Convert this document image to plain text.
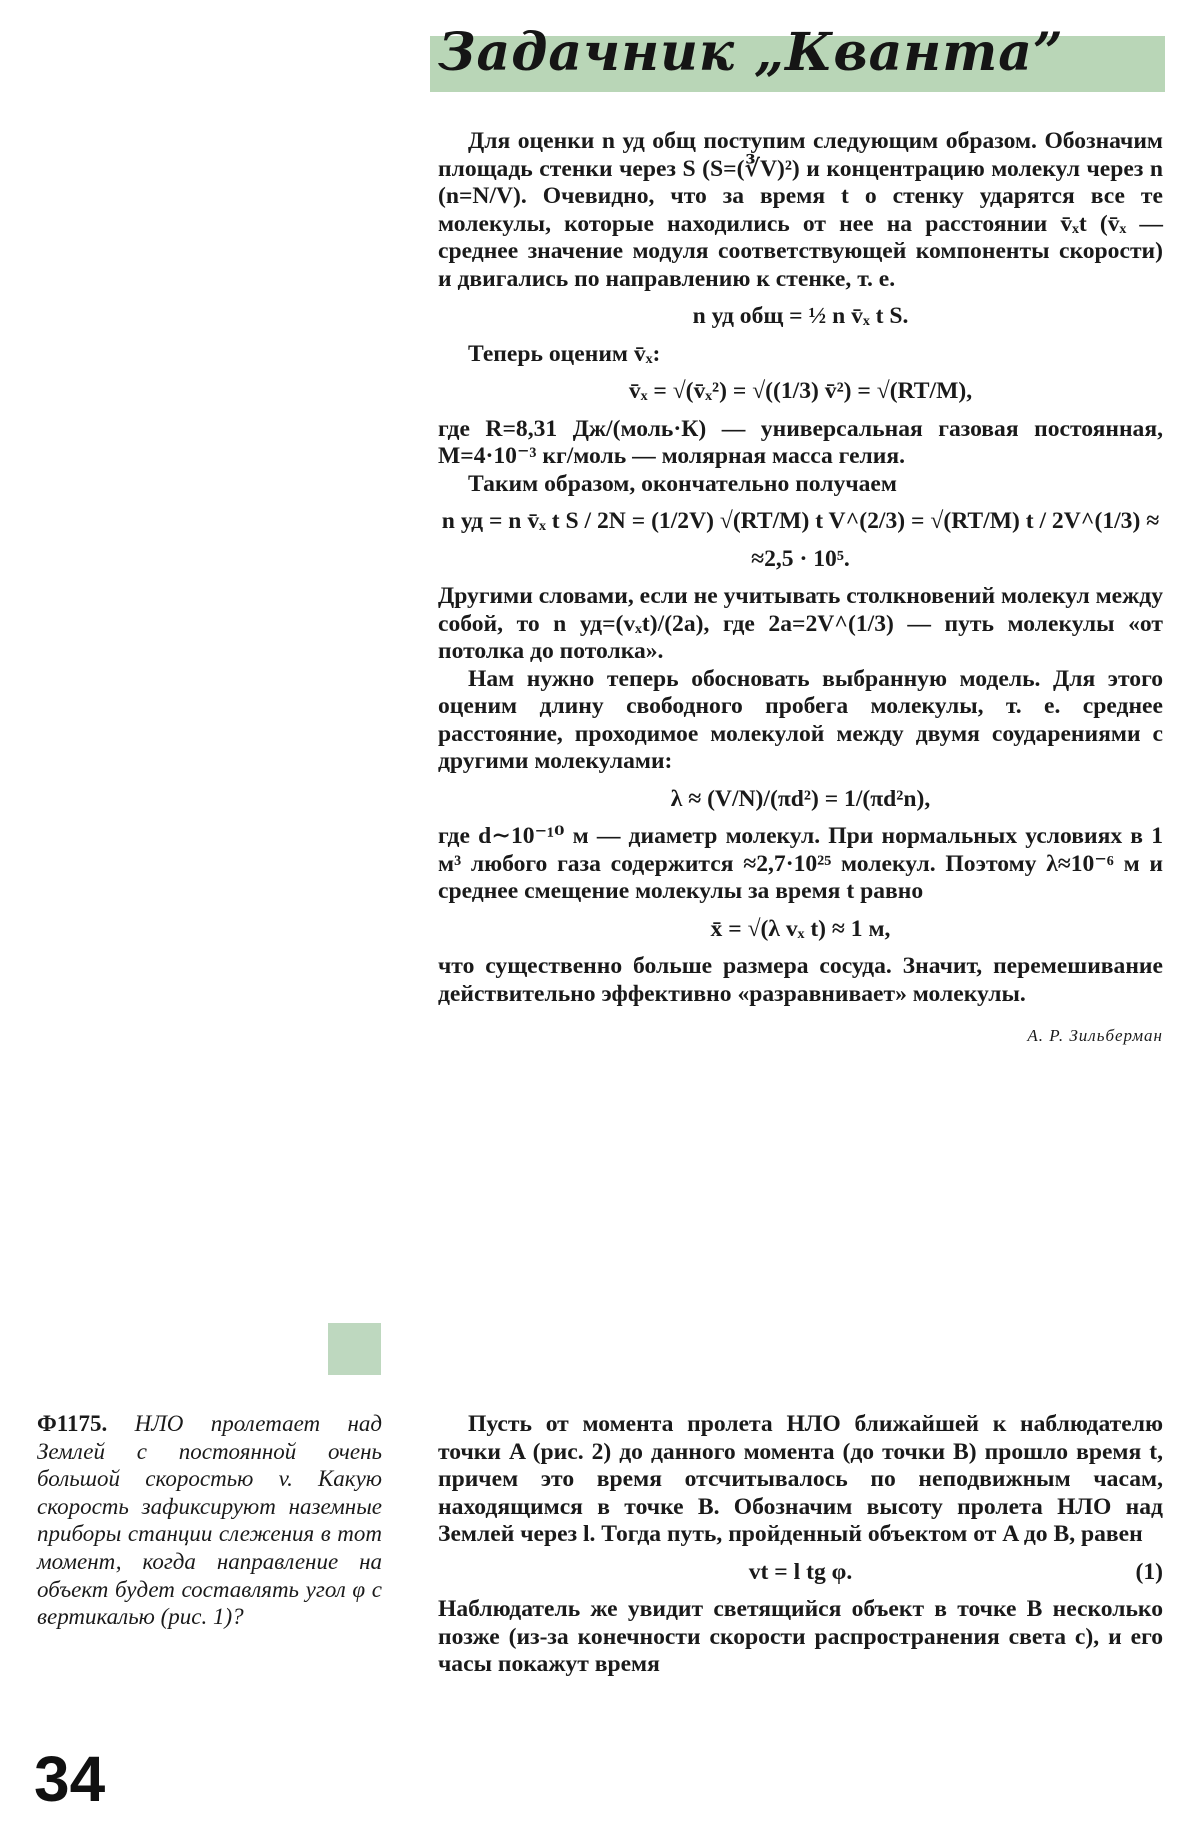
Задачник „Кванта”

Для оценки n уд общ поступим следующим образом. Обозначим площадь стенки через S (S=(∛V)²) и концентрацию молекул через n (n=N/V). Очевидно, что за время t о стенку ударятся все те молекулы, которые находились от нее на расстоянии v̄ₓt (v̄ₓ — среднее значение модуля соответствующей компоненты скорости) и двигались по направлению к стенке, т. е.

n уд общ = ½ n v̄ₓ t S.

Теперь оценим v̄ₓ:

v̄ₓ = √(v̄ₓ²) = √((1/3) v̄²) = √(RT/M),

где R=8,31 Дж/(моль·К) — универсальная газовая постоянная, M=4·10⁻³ кг/моль — молярная масса гелия.

Таким образом, окончательно получаем

n уд = n v̄ₓ t S / 2N = (1/2V) √(RT/M) t V^(2/3) = √(RT/M) t / 2V^(1/3) ≈
≈2,5 · 10⁵.

Другими словами, если не учитывать столкновений молекул между собой, то n уд=(vₓt)/(2a), где 2a=2V^(1/3) — путь молекулы «от потолка до потолка».

Нам нужно теперь обосновать выбранную модель. Для этого оценим длину свободного пробега молекулы, т. е. среднее расстояние, проходимое молекулой между двумя соударениями с другими молекулами:

λ ≈ (V/N)/(πd²) = 1/(πd²n),

где d∼10⁻¹⁰ м — диаметр молекул. При нормальных условиях в 1 м³ любого газа содержится ≈2,7·10²⁵ молекул. Поэтому λ≈10⁻⁶ м и среднее смещение молекулы за время t равно

x̄ = √(λ vₓ t) ≈ 1 м,

что существенно больше размера сосуда. Значит, перемешивание действительно эффективно «разравнивает» молекулы.

А. Р. Зильберман
Ф1175. НЛО пролетает над Землей с постоянной очень большой скоростью v. Какую скорость зафиксируют наземные приборы станции слежения в тот момент, когда направление на объект будет составлять угол φ с вертикалью (рис. 1)?

Пусть от момента пролета НЛО ближайшей к наблюдателю точки A (рис. 2) до данного момента (до точки B) прошло время t, причем это время отсчитывалось по неподвижным часам, находящимся в точке B. Обозначим высоту пролета НЛО над Землей через l. Тогда путь, пройденный объектом от A до B, равен

vt = l tg φ.	(1)

Наблюдатель же увидит светящийся объект в точке B несколько позже (из-за конечности скорости распространения света c), и его часы покажут время

34
